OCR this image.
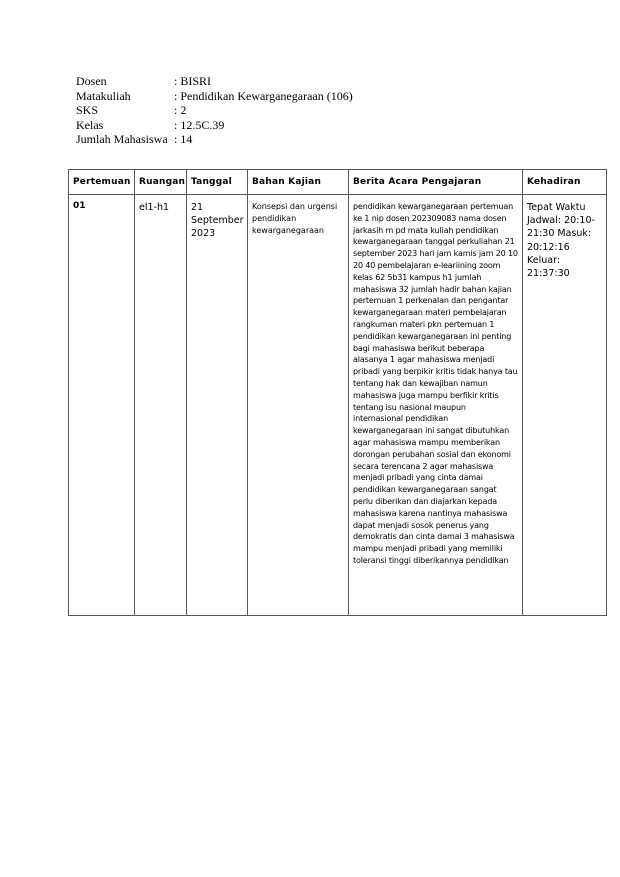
Dosen	: BISRI
Matakuliah	: Pendidikan Kewarganegaraan (106)
SKS	: 2
Kelas	: 12.5C.39
Jumlah Mahasiswa : 14
Pertemuan	Ruangan	Tanggal	Bahan Kajian	Berita Acara Pengajaran	Kehadiran
01	el1-h1	21 September 2023	Konsepsi dan urgensi pendidikan kewarganegaraan	pendidikan kewarganegaraan pertemuan ke 1 nip dosen 202309083 nama dosen jarkasih m pd mata kuliah pendidikan kewarganegaraan tanggal perkuliahan 21 september 2023 hari jam kamis jam 20 10 20 40 pembelajaran e-leariining zoom kelas 62 5b31 kampus h1 jumlah mahasiswa 32 jumlah hadir bahan kajian pertemuan 1 perkenalan dan pengantar kewarganegaraan materi pembelajaran rangkuman materi pkn pertemuan 1 pendidikan kewarganegaraan ini penting bagi mahasiswa berikut beberapa alasanya 1 agar mahasiswa menjadi pribadi yang berpikir kritis tidak hanya tau tentang hak dan kewajiban namun mahasiswa juga mampu berfikir kritis tentang isu nasional maupun internasional pendidikan kewarganegaraan ini sangat dibutuhkan agar mahasiswa mampu memberikan dorongan perubahan sosial dan ekonomi secara terencana 2 agar mahasiswa menjadi pribadi yang cinta damai pendidikan kewarganegaraan sangat perlu diberikan dan diajarkan kepada mahasiswa karena nantinya mahasiswa dapat menjadi sosok penerus yang demokratis dan cinta damai 3 mahasiswa mampu menjadi pribadi yang memiliki toleransi tinggi diberikannya pendidikan	Tepat Waktu Jadwal: 20:10-21:30 Masuk: 20:12:16 Keluar: 21:37:30
